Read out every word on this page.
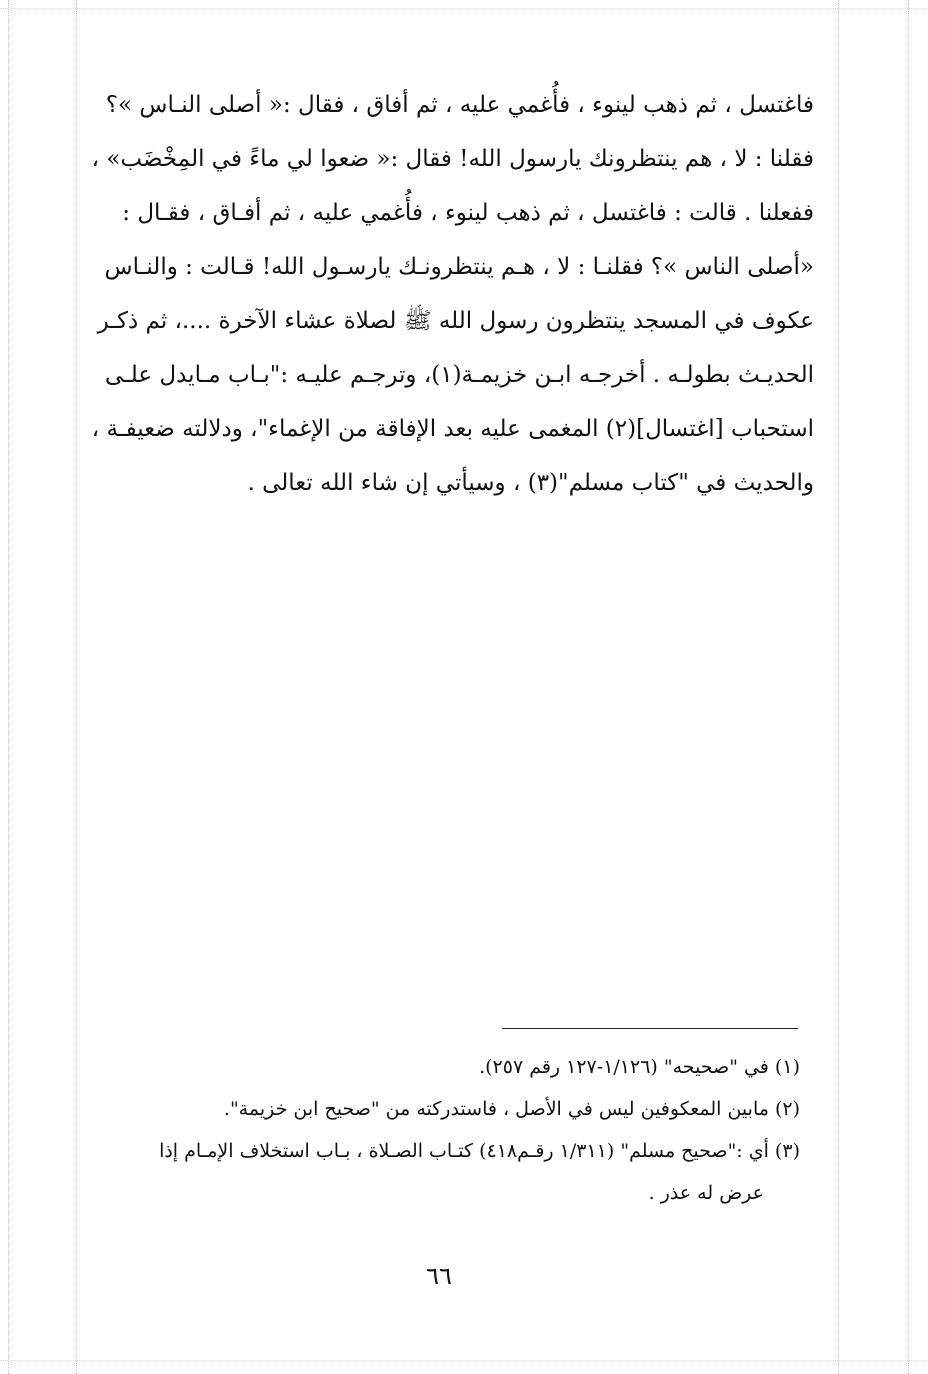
فاغتسل ، ثم ذهب لينوء ، فأُغمي عليه ، ثم أفاق ، فقال :« أصلى النـاس »؟
فقلنا : لا ، هم ينتظرونك يارسول الله! فقال :« ضعوا لي ماءً في المِخْضَب» ،
ففعلنا . قالت : فاغتسل ، ثم ذهب لينوء ، فأُغمي عليه ، ثم أفـاق ، فقـال :
«أصلى الناس »؟ فقلنـا : لا ، هـم ينتظرونـك يارسـول الله! قـالت : والنـاس
عكوف في المسجد ينتظرون رسول الله ﷺ لصلاة عشاء الآخرة ....، ثم ذكـر
الحديـث بطولـه . أخرجـه ابـن خزيمـة(١)، وترجـم عليـه :"بـاب مـايدل علـى
استحباب [اغتسال](٢) المغمى عليه بعد الإفاقة من الإغماء"، ودلالته ضعيفـة ،
والحديث في "كتاب مسلم"(٣) ، وسيأتي إن شاء الله تعالى .
(١) في "صحيحه" (١/١٢٦-١٢٧ رقم ٢٥٧).
(٢) مابين المعكوفين ليس في الأصل ، فاستدركته من "صحيح ابن خزيمة".
(٣) أي :"صحيح مسلم" (١/٣١١ رقـم٤١٨) كتـاب الصـلاة ، بـاب استخلاف الإمـام إذا
عرض له عذر .
٦٦
